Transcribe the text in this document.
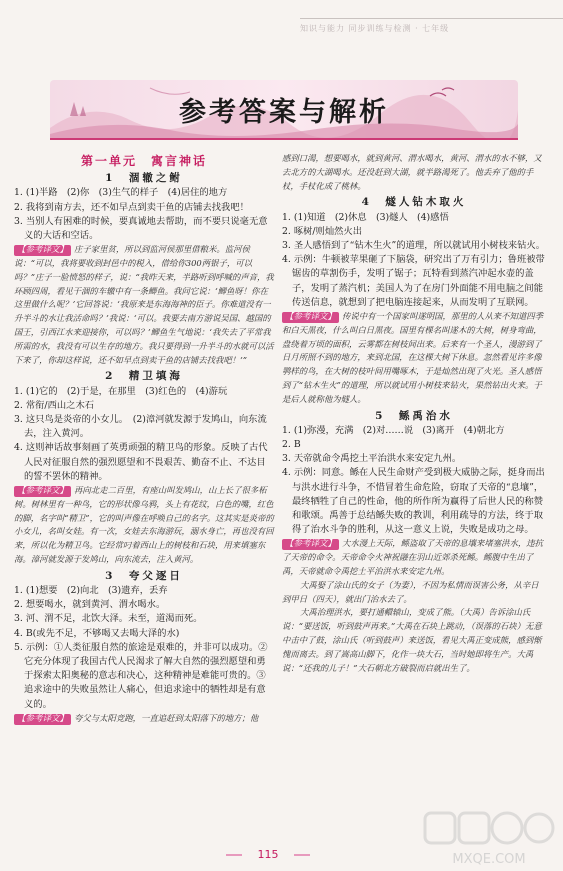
知识与能力 同步训练与检测 · 七年级
参考答案与解析
第一单元　寓言神话
1　涸辙之鲋

1. (1)半路　(2)你　(3)生气的样子　(4)居住的地方

2. 我将到南方去，还不如早点到卖干鱼的店铺去找我吧！

3. 当别人有困难的时候，要真诚地去帮助，而不要只说毫无意义的大话和空话。

【参考译文】 庄子家里贫，所以到监河侯那里借粮米。监河侯说：“可以，我将要收到封邑中的税入，借给你300两银子，可以吗？”庄子一脸愤怒的样子，说：“我昨天来，半路听到呼喊的声音，我环顾四周，看见干涸的车辙中有一条鲫鱼。我问它说：‘鲫鱼呀！你在这里做什么呢？’它回答说：‘我原来是东海海神的臣子。你难道没有一升半斗的水让我活命吗？’我说：‘可以。我要去南方游说吴国、越国的国王，引西江水来迎接你，可以吗？’鲫鱼生气地说：‘我失去了平常我所需的水，我没有可以生存的地方。我只要得到一升半斗的水就可以活下来了，你却这样说，还不如早点到卖干鱼的店铺去找我吧！’”

2　精卫填海

1. (1)它的　(2)于是，在那里　(3)红色的　(4)游玩

2. 常衔/西山之木石

3. 这只鸟是炎帝的小女儿。　(2)漳河就发源于发鸠山，向东流去，注入黄河。

4. 这则神话故事刻画了英勇顽强的精卫鸟的形象。反映了古代人民对征服自然的强烈愿望和不畏艰苦、勤奋不止、不达目的誓不罢休的精神。

【参考译文】 再向北走二百里，有座山叫发鸠山，山上长了很多柘树。树林里有一种鸟，它的形状像乌鸦，头上有花纹，白色的嘴，红色的脚，名字叫“精卫”，它的叫声像在呼唤自己的名字。这其实是炎帝的小女儿，名叫女娃。有一次，女娃去东海游玩，溺水身亡，再也没有回来，所以化为精卫鸟。它经常叼着西山上的树枝和石块，用来填塞东海。漳河就发源于发鸠山，向东流去，注入黄河。

3　夸父逐日

1. (1)想要　(2)向北　(3)遗弃，丢弃

2. 想要喝水，就到黄河、渭水喝水。

3. 河、渭不足，北饮大泽。未至，道渴而死。

4. B(或先不足，不够喝又去喝大泽的水)

5. 示例：①人类征服自然的旅途是艰难的，并非可以成功。②它充分体现了我国古代人民渴求了解大自然的强烈愿望和勇于探索太阳奥秘的意志和决心，这种精神是难能可贵的。③追求途中的失败虽然让人痛心，但追求途中的牺牲却是有意义的。

【参考译文】 夸父与太阳竞跑，一直追赶到太阳落下的地方；他

感到口渴，想要喝水，就到黄河、渭水喝水，黄河、渭水的水不够，又去北方的大湖喝水。还没赶到大湖，就半路渴死了。他丢弃了他的手杖，手杖化成了桃林。

4　燧人钻木取火

1. (1)知道　(2)休息　(3)燧人　(4)感悟

2. 啄树/则灿然火出

3. 圣人感悟到了“钻木生火”的道理，所以就试用小树枝来钻火。

4. 示例：牛顿被苹果砸了下脑袋，研究出了万有引力；鲁班被带锯齿的草割伤手，发明了锯子；瓦特看到蒸汽冲起水壶的盖子，发明了蒸汽机；美国人为了在房门外面能不用电脑之间能传送信息，就想到了把电脑连接起来，从而发明了互联网。

【参考译文】 传说中有一个国家叫遂明国，那里的人从来不知道四季和白天黑夜，什么叫白日黑夜。国里有棵名叫遂木的大树，树身弯曲，盘绕着万顷的面积，云雾都在树枝间出来。后来有一个圣人，漫游到了日月所照不到的地方，来到北国，在这棵大树下休息。忽然看见许多像鹗样的鸟，在大树的枝叶间用嘴啄木，于是灿然出现了火光。圣人感悟到了“钻木生火”的道理，所以就试用小树枝来钻火，果然钻出火来。于是后人就称他为燧人。

5　鲧禹治水

1. (1)弥漫，充满　(2)对……说　(3)离开　(4)朝北方

2. B

3. 天帝就命令禹挖土平治洪水来安定九州。

4. 示例：同意。鲧在人民生命财产受到极大威胁之际，挺身而出与洪水进行斗争，不惜冒着生命危险，窃取了天帝的“息壤”，最终牺牲了自己的性命，他的所作所为赢得了后世人民的称赞和歌颂。禹善于总结鲧失败的教训，利用疏导的方法，终于取得了治水斗争的胜利，从这一意义上说，失败是成功之母。

【参考译文】 大水漫上天际，鲧盗取了天帝的息壤来堵塞洪水，违抗了天帝的命令。天帝命令火神祝融在羽山近郊杀死鲧。鲧腹中生出了禹，天帝就命令禹挖土平治洪水来安定九州。

大禹娶了涂山氏的女子（为妻），不因为私情而误害公务，从辛日到甲日（四天），就出门治水去了。

大禹治理洪水，要打通轘辕山，变成了熊。（大禹）告诉涂山氏说：“要送饭，听到鼓声再来。”大禹在石块上跳动，（误落的石块）无意中击中了鼓，涂山氏（听到鼓声）来送饭，看见大禹正变成熊，感到惭愧而离去。到了嵩高山脚下，化作一块大石，当时她即将生产。大禹说：“还我的儿子！”大石朝北方破裂而启就出生了。

115	MXQE.COM
